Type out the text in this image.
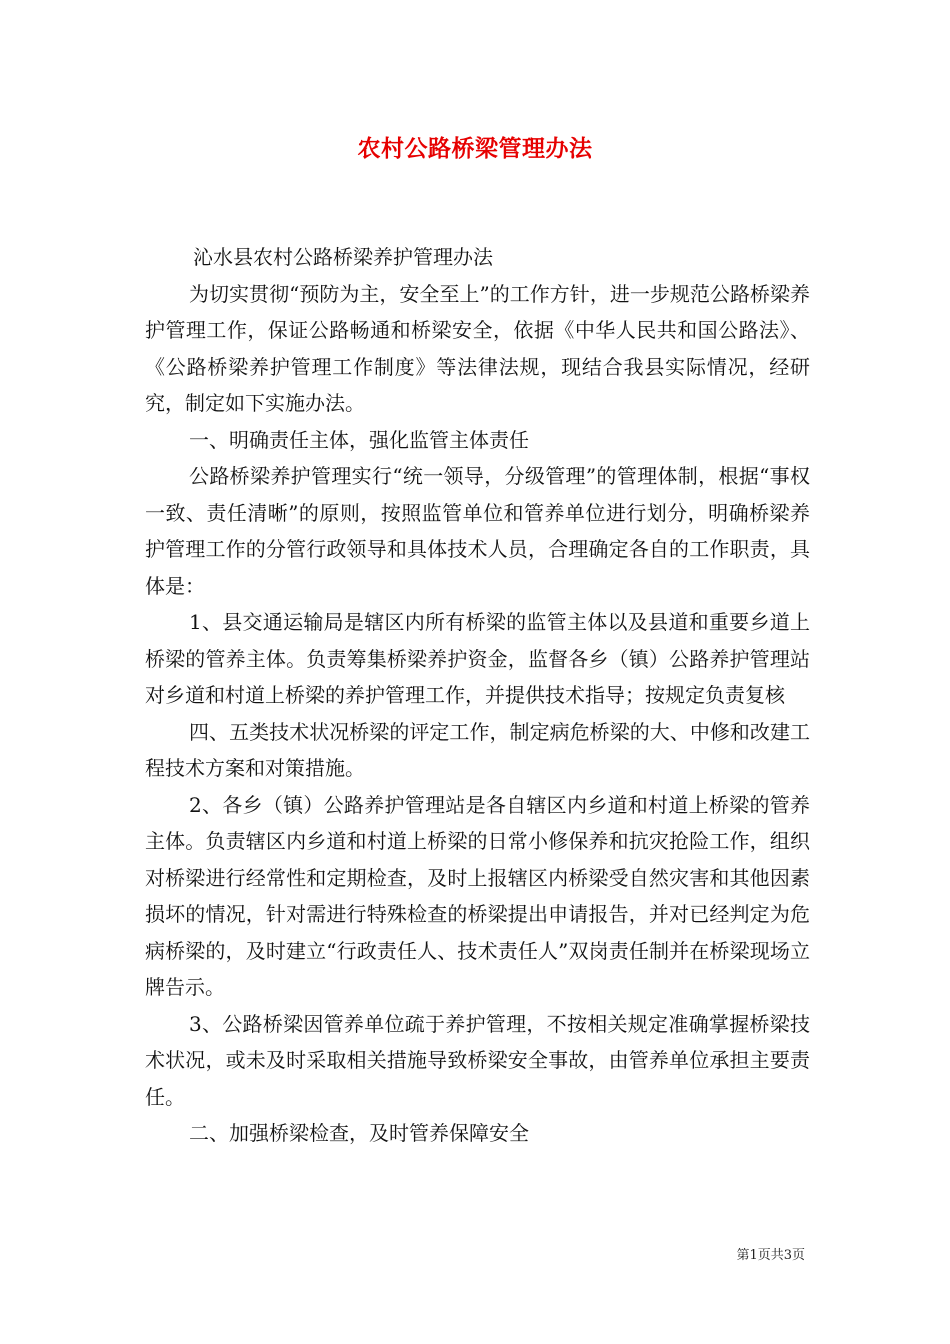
农村公路桥梁管理办法

沁水县农村公路桥梁养护管理办法

为切实贯彻“预防为主，安全至上”的工作方针，进一步规范公路桥梁养护管理工作，保证公路畅通和桥梁安全，依据《中华人民共和国公路法》、《公路桥梁养护管理工作制度》等法律法规，现结合我县实际情况，经研究，制定如下实施办法。

一、明确责任主体，强化监管主体责任

公路桥梁养护管理实行“统一领导，分级管理”的管理体制，根据“事权一致、责任清晰”的原则，按照监管单位和管养单位进行划分，明确桥梁养护管理工作的分管行政领导和具体技术人员，合理确定各自的工作职责，具体是：

1、县交通运输局是辖区内所有桥梁的监管主体以及县道和重要乡道上桥梁的管养主体。负责筹集桥梁养护资金，监督各乡（镇）公路养护管理站对乡道和村道上桥梁的养护管理工作，并提供技术指导；按规定负责复核

四、五类技术状况桥梁的评定工作，制定病危桥梁的大、中修和改建工程技术方案和对策措施。

2、各乡（镇）公路养护管理站是各自辖区内乡道和村道上桥梁的管养主体。负责辖区内乡道和村道上桥梁的日常小修保养和抗灾抢险工作，组织对桥梁进行经常性和定期检查，及时上报辖区内桥梁受自然灾害和其他因素损坏的情况，针对需进行特殊检查的桥梁提出申请报告，并对已经判定为危病桥梁的，及时建立“行政责任人、技术责任人”双岗责任制并在桥梁现场立牌告示。

3、公路桥梁因管养单位疏于养护管理，不按相关规定准确掌握桥梁技术状况，或未及时采取相关措施导致桥梁安全事故，由管养单位承担主要责任。

二、加强桥梁检查，及时管养保障安全

第1页共3页
